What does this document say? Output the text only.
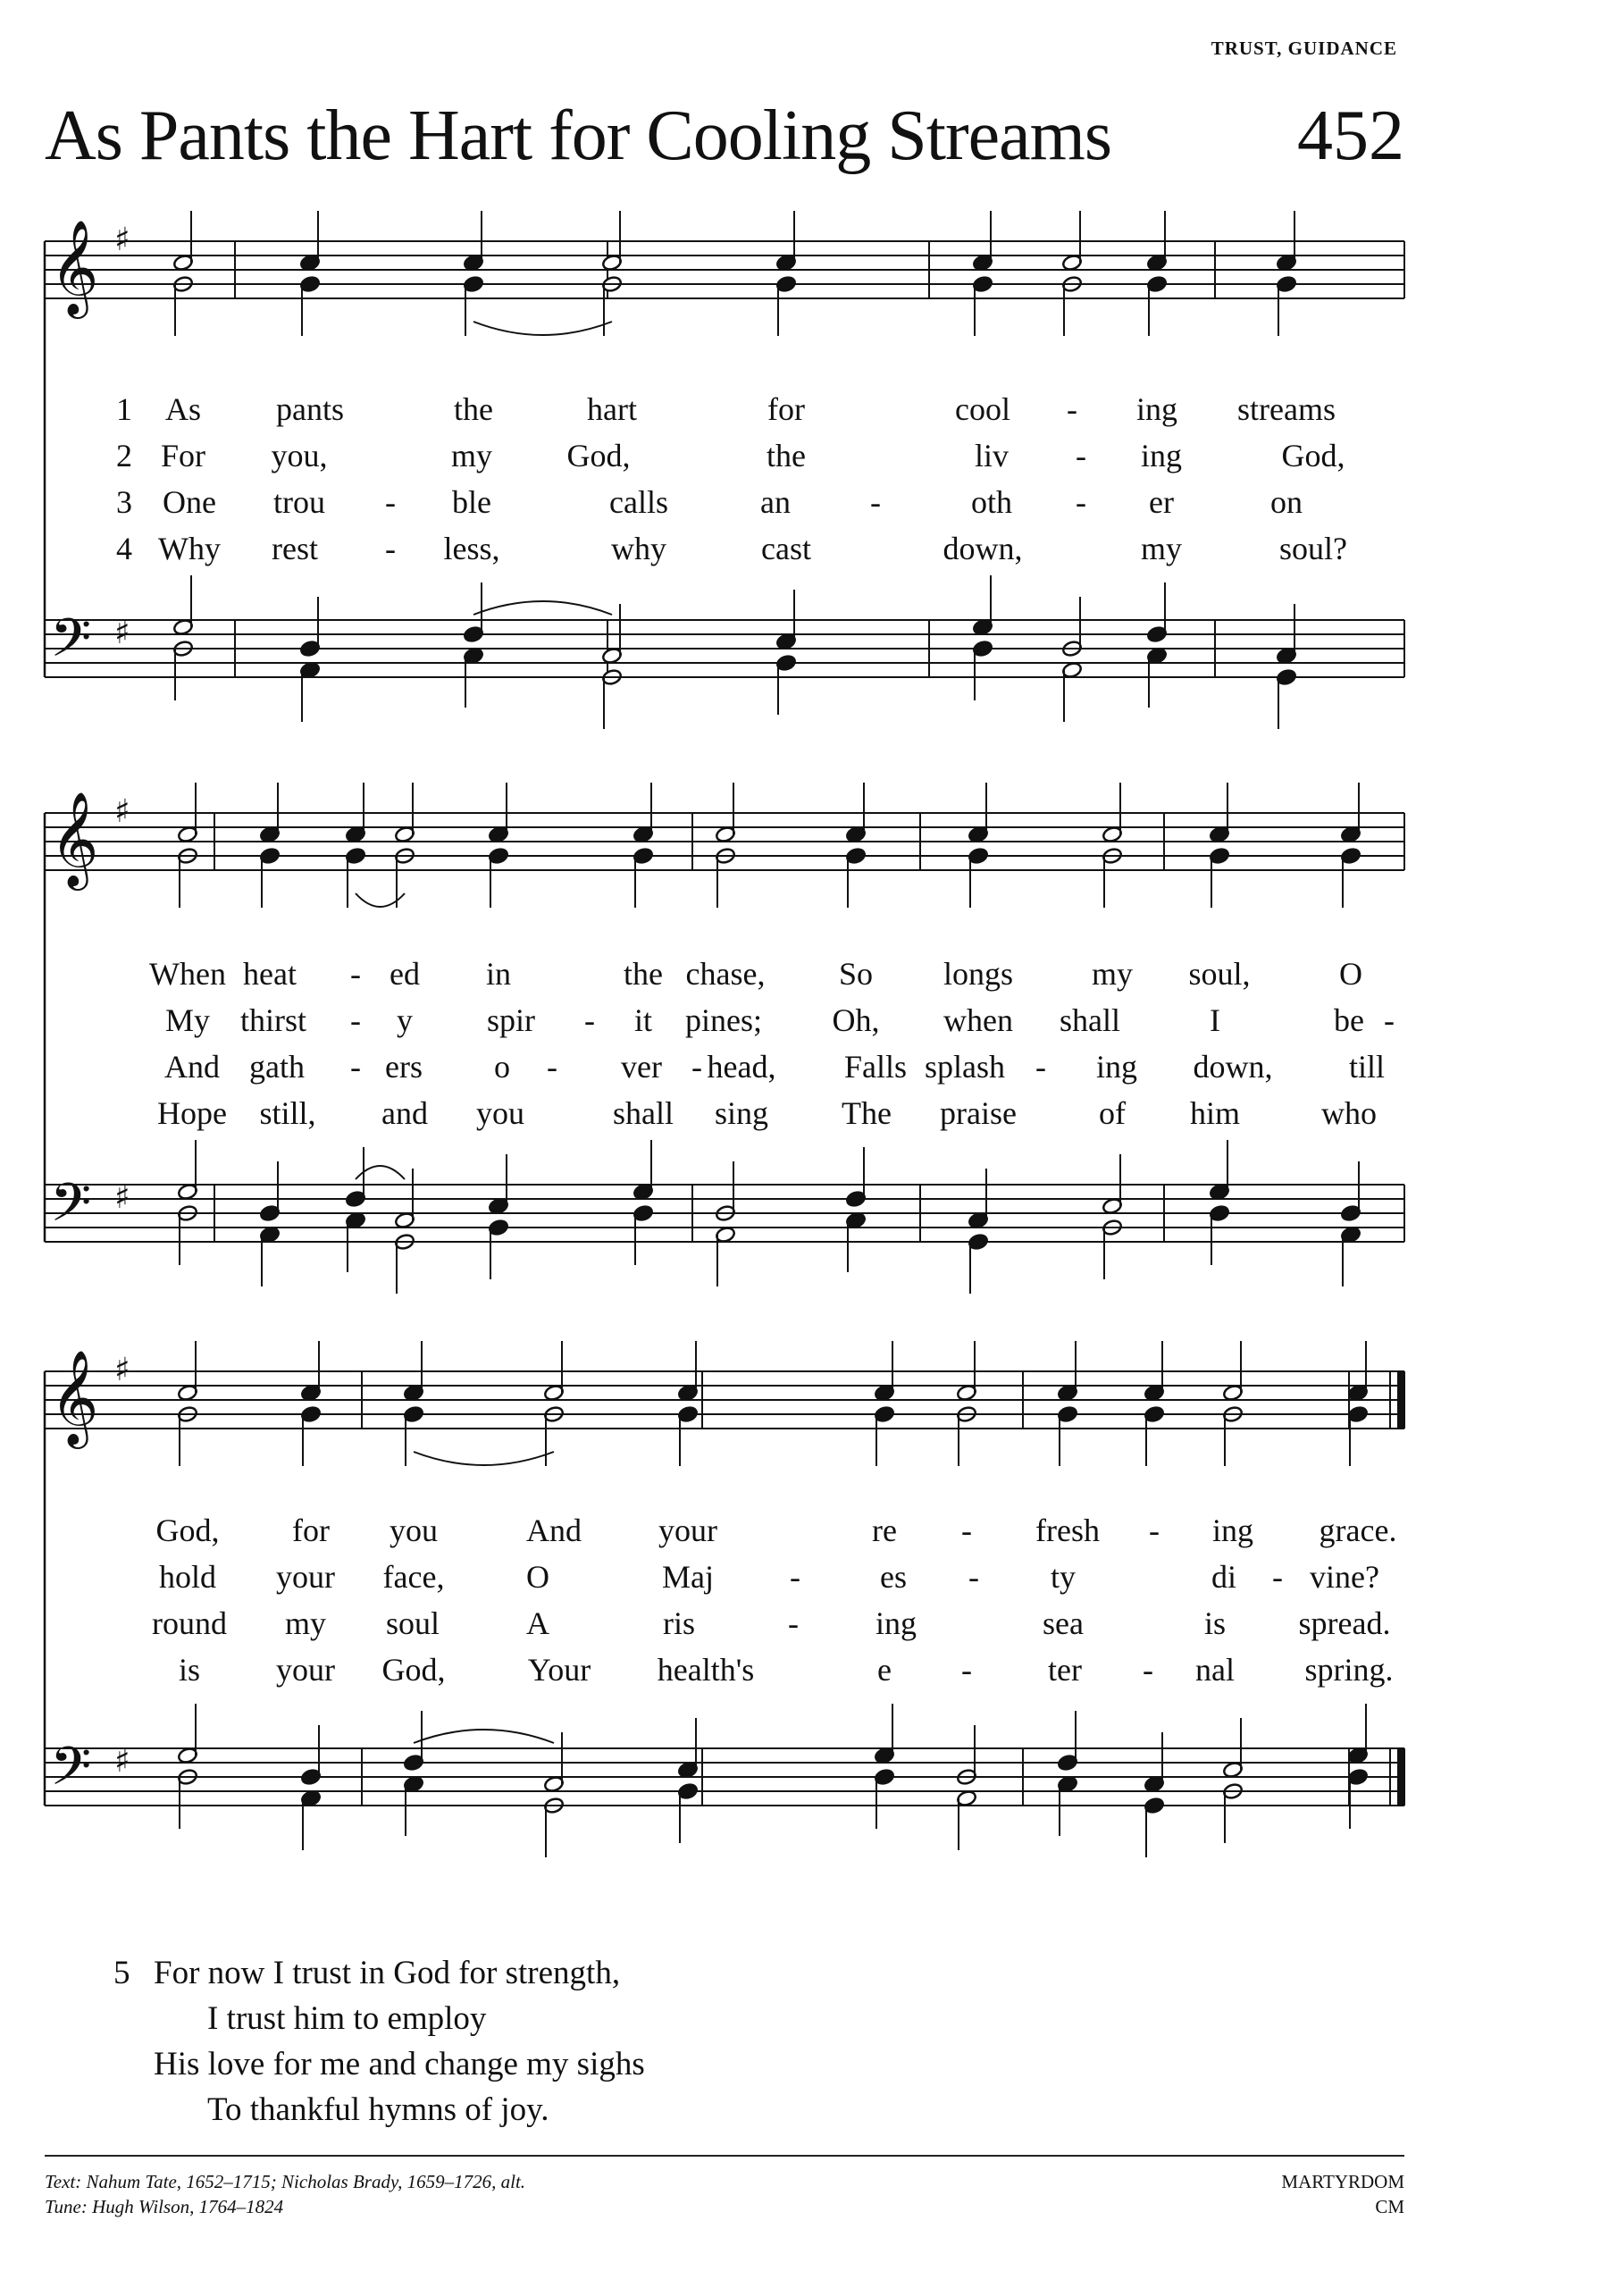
TRUST, GUIDANCE
As Pants the Hart for Cooling Streams	452
𝄞
𝄢
♯
♯
𝄞
𝄢
♯
♯
𝄞
𝄢
♯
♯
1 As pants	the	hart	for	cool - ing streams
2 For you,	my God,	the	liv - ing	God,
3 One trou - ble	calls	an -	oth - er	on
4 Why rest - less,	why	cast	down,	my	soul?
When heat - ed in	the chase, So longs my soul,	O
My thirst - y spir - it pines; Oh, when shall	I	be -
And gath - ers o - ver - head, Falls splash - ing down, till
Hope still, and you	shall sing The praise	of him	who
God, for you	And your	re - fresh - ing grace.
hold your face,	O	Maj - es - ty	di - vine?
round my soul	A	ris	- ing	sea	is spread.
is your God,	Your health's	e - ter - nal spring.
5 For now I trust in God for strength,
I trust him to employ
His love for me and change my sighs
To thankful hymns of joy.
Text: Nahum Tate, 1652–1715; Nicholas Brady, 1659–1726, alt.
Tune: Hugh Wilson, 1764–1824
MARTYRDOM
CM
